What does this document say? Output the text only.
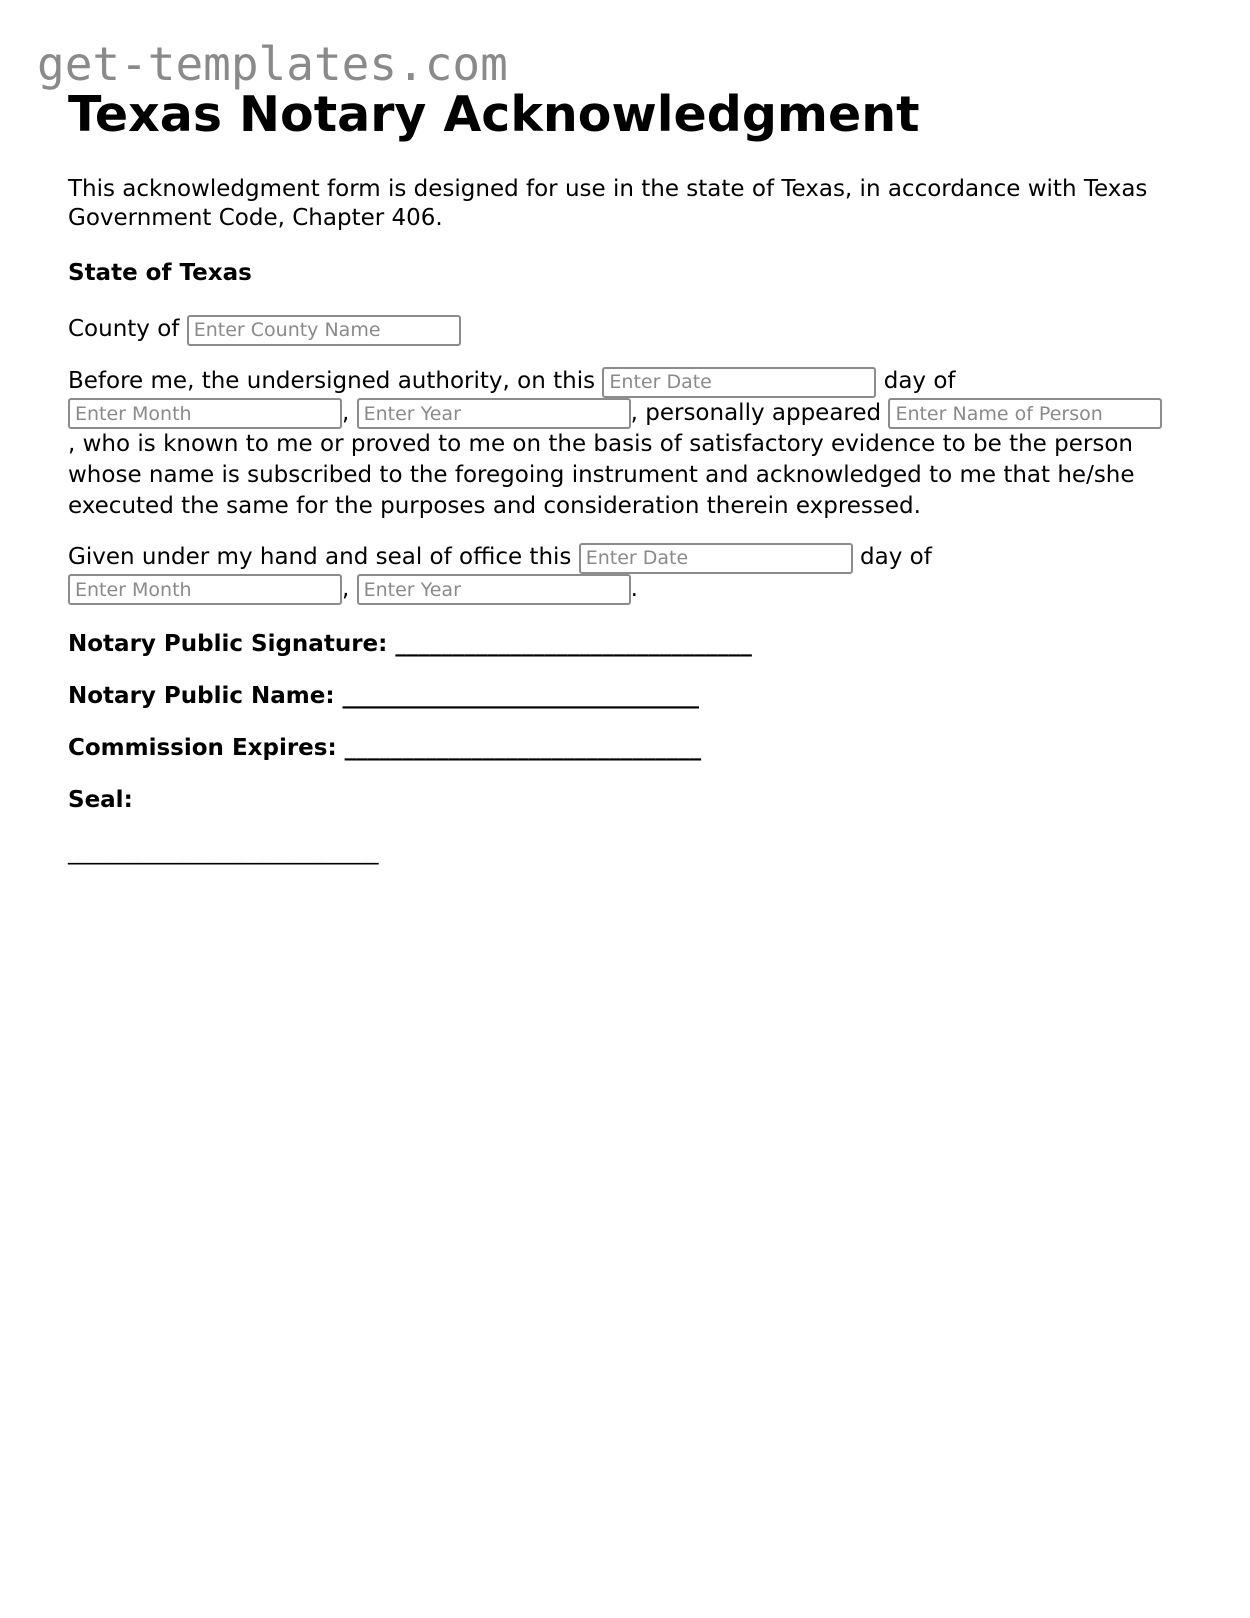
get-templates.com
Texas Notary Acknowledgment

This acknowledgment form is designed for use in the state of Texas, in accordance with Texas Government Code, Chapter 406.

State of Texas

County of Enter County Name

Before me, the undersigned authority, on this Enter Date	day of Enter Month, Enter Year	, personally appeared Enter Name of Person
, who is known to me or proved to me on the basis of satisfactory evidence to be the person whose name is subscribed to the foregoing instrument and acknowledged to me that he/she executed the same for the purposes and consideration therein expressed.

Given under my hand and seal of office this Enter Date	day of
Enter Month, Enter Year	.

Notary Public Signature: _______________________________

Notary Public Name: _______________________________

Commission Expires: _______________________________

Seal:

___________________________
